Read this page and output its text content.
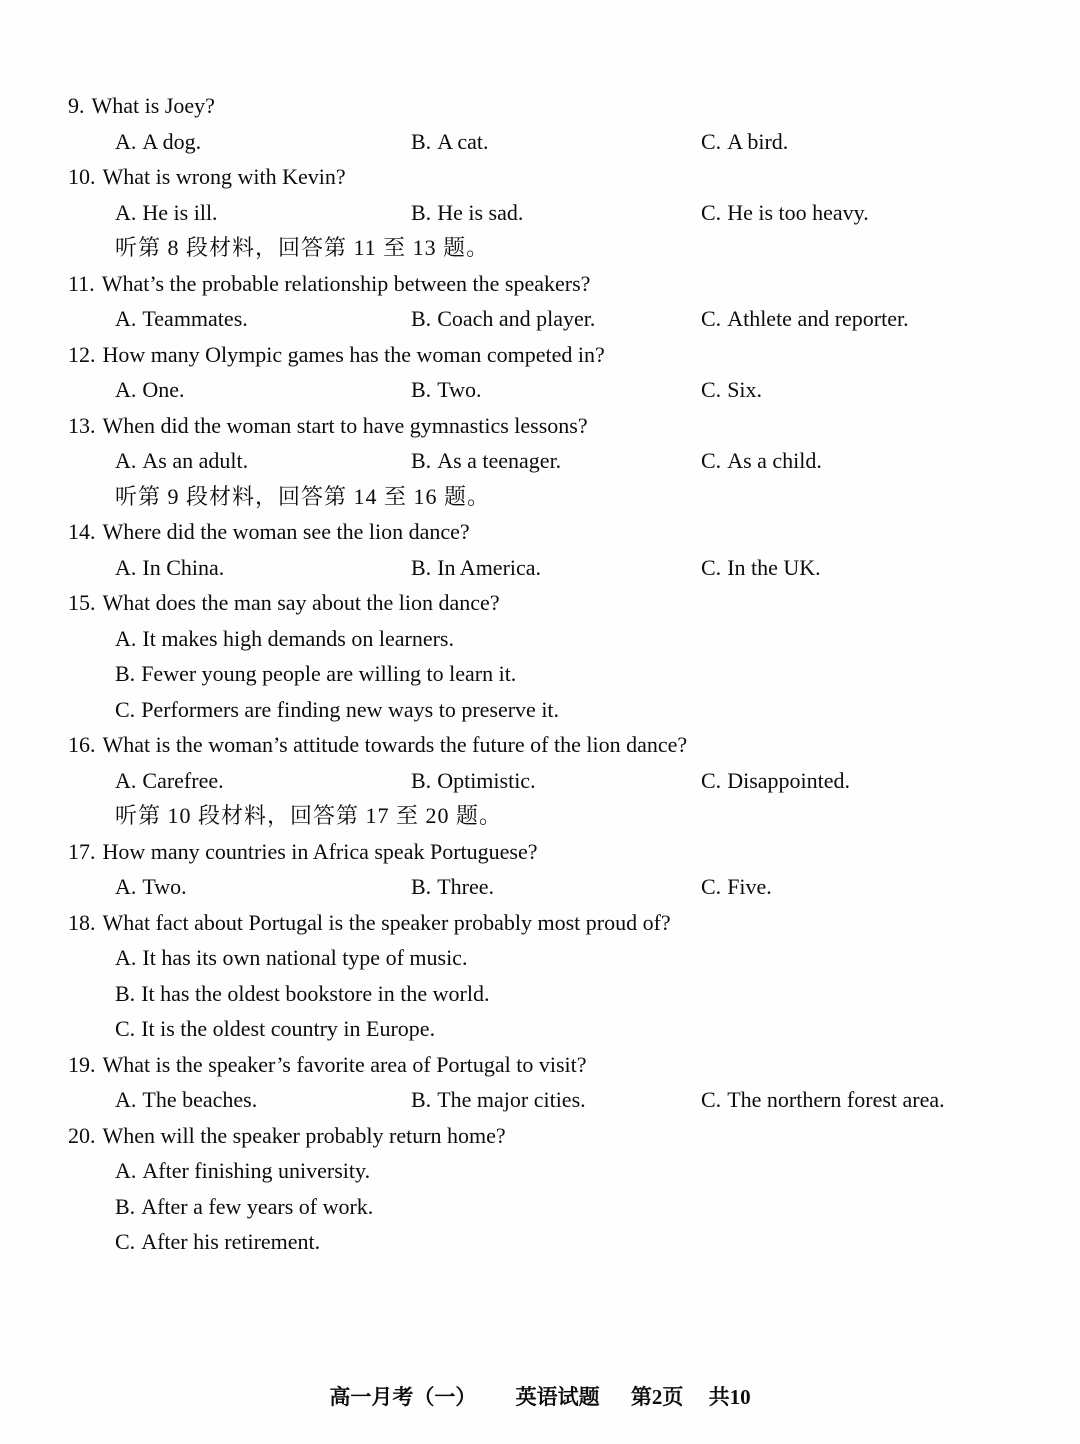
9. What is Joey?
A. A dog.	B. A cat.	C. A bird.
10. What is wrong with Kevin?
A. He is ill.	B. He is sad.	C. He is too heavy.
听第 8 段材料，回答第 11 至 13 题。
11. What’s the probable relationship between the speakers?
A. Teammates.	B. Coach and player.	C. Athlete and reporter.
12. How many Olympic games has the woman competed in?
A. One.	B. Two.	C. Six.
13. When did the woman start to have gymnastics lessons?
A. As an adult.	B. As a teenager.	C. As a child.
听第 9 段材料，回答第 14 至 16 题。
14. Where did the woman see the lion dance?
A. In China.	B. In America.	C. In the UK.
15. What does the man say about the lion dance?
A. It makes high demands on learners.
B. Fewer young people are willing to learn it.
C. Performers are finding new ways to preserve it.
16. What is the woman’s attitude towards the future of the lion dance?
A. Carefree.	B. Optimistic.	C. Disappointed.
听第 10 段材料，回答第 17 至 20 题。
17. How many countries in Africa speak Portuguese?
A. Two.	B. Three.	C. Five.
18. What fact about Portugal is the speaker probably most proud of?
A. It has its own national type of music.
B. It has the oldest bookstore in the world.
C. It is the oldest country in Europe.
19. What is the speaker’s favorite area of Portugal to visit?
A. The beaches.	B. The major cities.	C. The northern forest area.
20. When will the speaker probably return home?
A. After finishing university.
B. After a few years of work.
C. After his retirement.
高一月考（一） 英语试题 第2页 共10
